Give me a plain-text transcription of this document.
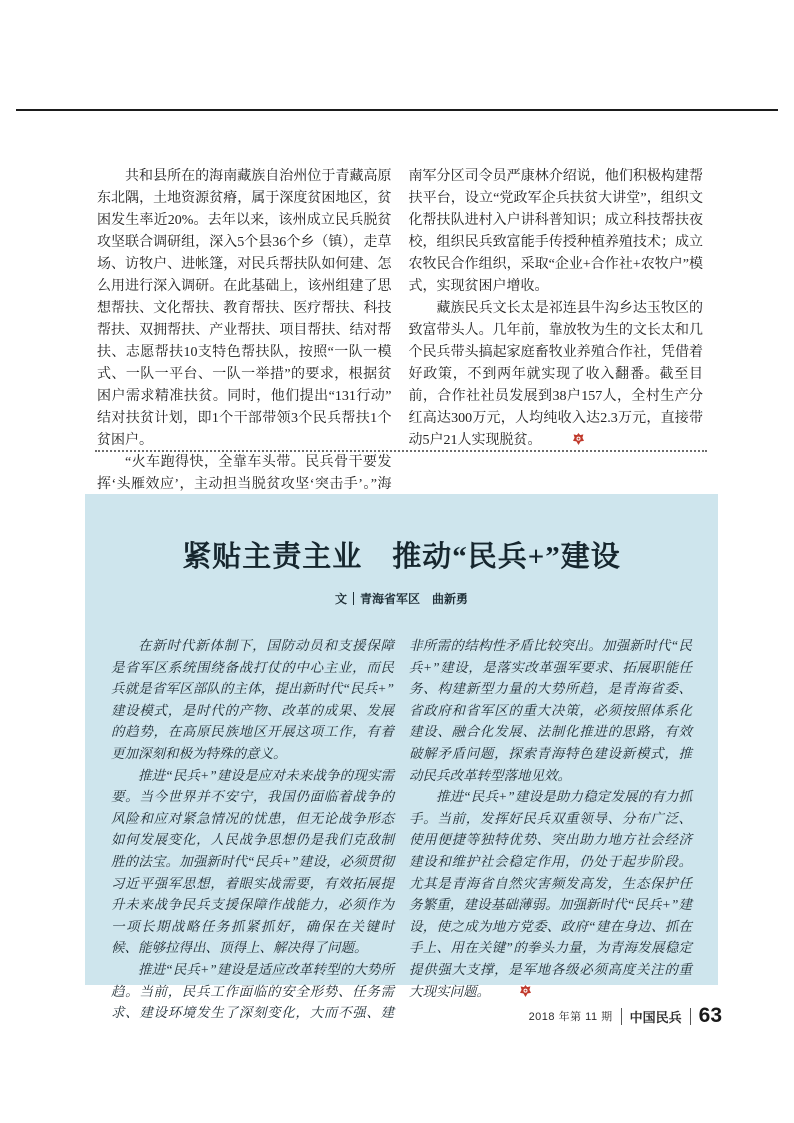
共和县所在的海南藏族自治州位于青藏高原东北隅，土地资源贫瘠，属于深度贫困地区，贫困发生率近20%。去年以来，该州成立民兵脱贫攻坚联合调研组，深入5个县36个乡（镇），走草场、访牧户、进帐篷，对民兵帮扶队如何建、怎么用进行深入调研。在此基础上，该州组建了思想帮扶、文化帮扶、教育帮扶、医疗帮扶、科技帮扶、双拥帮扶、产业帮扶、项目帮扶、结对帮扶、志愿帮扶10支特色帮扶队，按照“一队一模式、一队一平台、一队一举措”的要求，根据贫困户需求精准扶贫。同时，他们提出“131行动”结对扶贫计划，即1个干部带领3个民兵帮扶1个贫困户。

“火车跑得快，全靠车头带。民兵骨干要发挥‘头雁效应’，主动担当脱贫攻坚‘突击手’。”海南军分区司令员严康林介绍说，他们积极构建帮扶平台，设立“党政军企兵扶贫大讲堂”，组织文化帮扶队进村入户讲科普知识；成立科技帮扶夜校，组织民兵致富能手传授种植养殖技术；成立农牧民合作组织，采取“企业+合作社+农牧户”模式，实现贫困户增收。

藏族民兵文长太是祁连县牛沟乡达玉牧区的致富带头人。几年前，靠放牧为生的文长太和几个民兵带头搞起家庭畜牧业养殖合作社，凭借着好政策，不到两年就实现了收入翻番。截至目前，合作社社员发展到38户157人，全村生产分红高达300万元，人均纯收入达2.3万元，直接带动5户21人实现脱贫。

紧贴主责主业　推动“民兵+”建设
文 青海省军区　曲新勇

在新时代新体制下，国防动员和支援保障是省军区系统围绕备战打仗的中心主业，而民兵就是省军区部队的主体，提出新时代“民兵+”建设模式，是时代的产物、改革的成果、发展的趋势，在高原民族地区开展这项工作，有着更加深刻和极为特殊的意义。

推进“民兵+”建设是应对未来战争的现实需要。当今世界并不安宁，我国仍面临着战争的风险和应对紧急情况的忧患，但无论战争形态如何发展变化，人民战争思想仍是我们克敌制胜的法宝。加强新时代“民兵+”建设，必须贯彻习近平强军思想，着眼实战需要，有效拓展提升未来战争民兵支援保障作战能力，必须作为一项长期战略任务抓紧抓好，确保在关键时候、能够拉得出、顶得上、解决得了问题。

推进“民兵+”建设是适应改革转型的大势所趋。当前，民兵工作面临的安全形势、任务需求、建设环境发生了深刻变化，大而不强、建非所需的结构性矛盾比较突出。加强新时代“民兵+”建设，是落实改革强军要求、拓展职能任务、构建新型力量的大势所趋，是青海省委、省政府和省军区的重大决策，必须按照体系化建设、融合化发展、法制化推进的思路，有效破解矛盾问题，探索青海特色建设新模式，推动民兵改革转型落地见效。

推进“民兵+”建设是助力稳定发展的有力抓手。当前，发挥好民兵双重领导、分布广泛、使用便捷等独特优势、突出助力地方社会经济建设和维护社会稳定作用，仍处于起步阶段。尤其是青海省自然灾害频发高发，生态保护任务繁重，建设基础薄弱。加强新时代“民兵+”建设，使之成为地方党委、政府“建在身边、抓在手上、用在关键”的拳头力量，为青海发展稳定提供强大支撑，是军地各级必须高度关注的重大现实问题。

2018 年第 11 期 中国民兵 63
